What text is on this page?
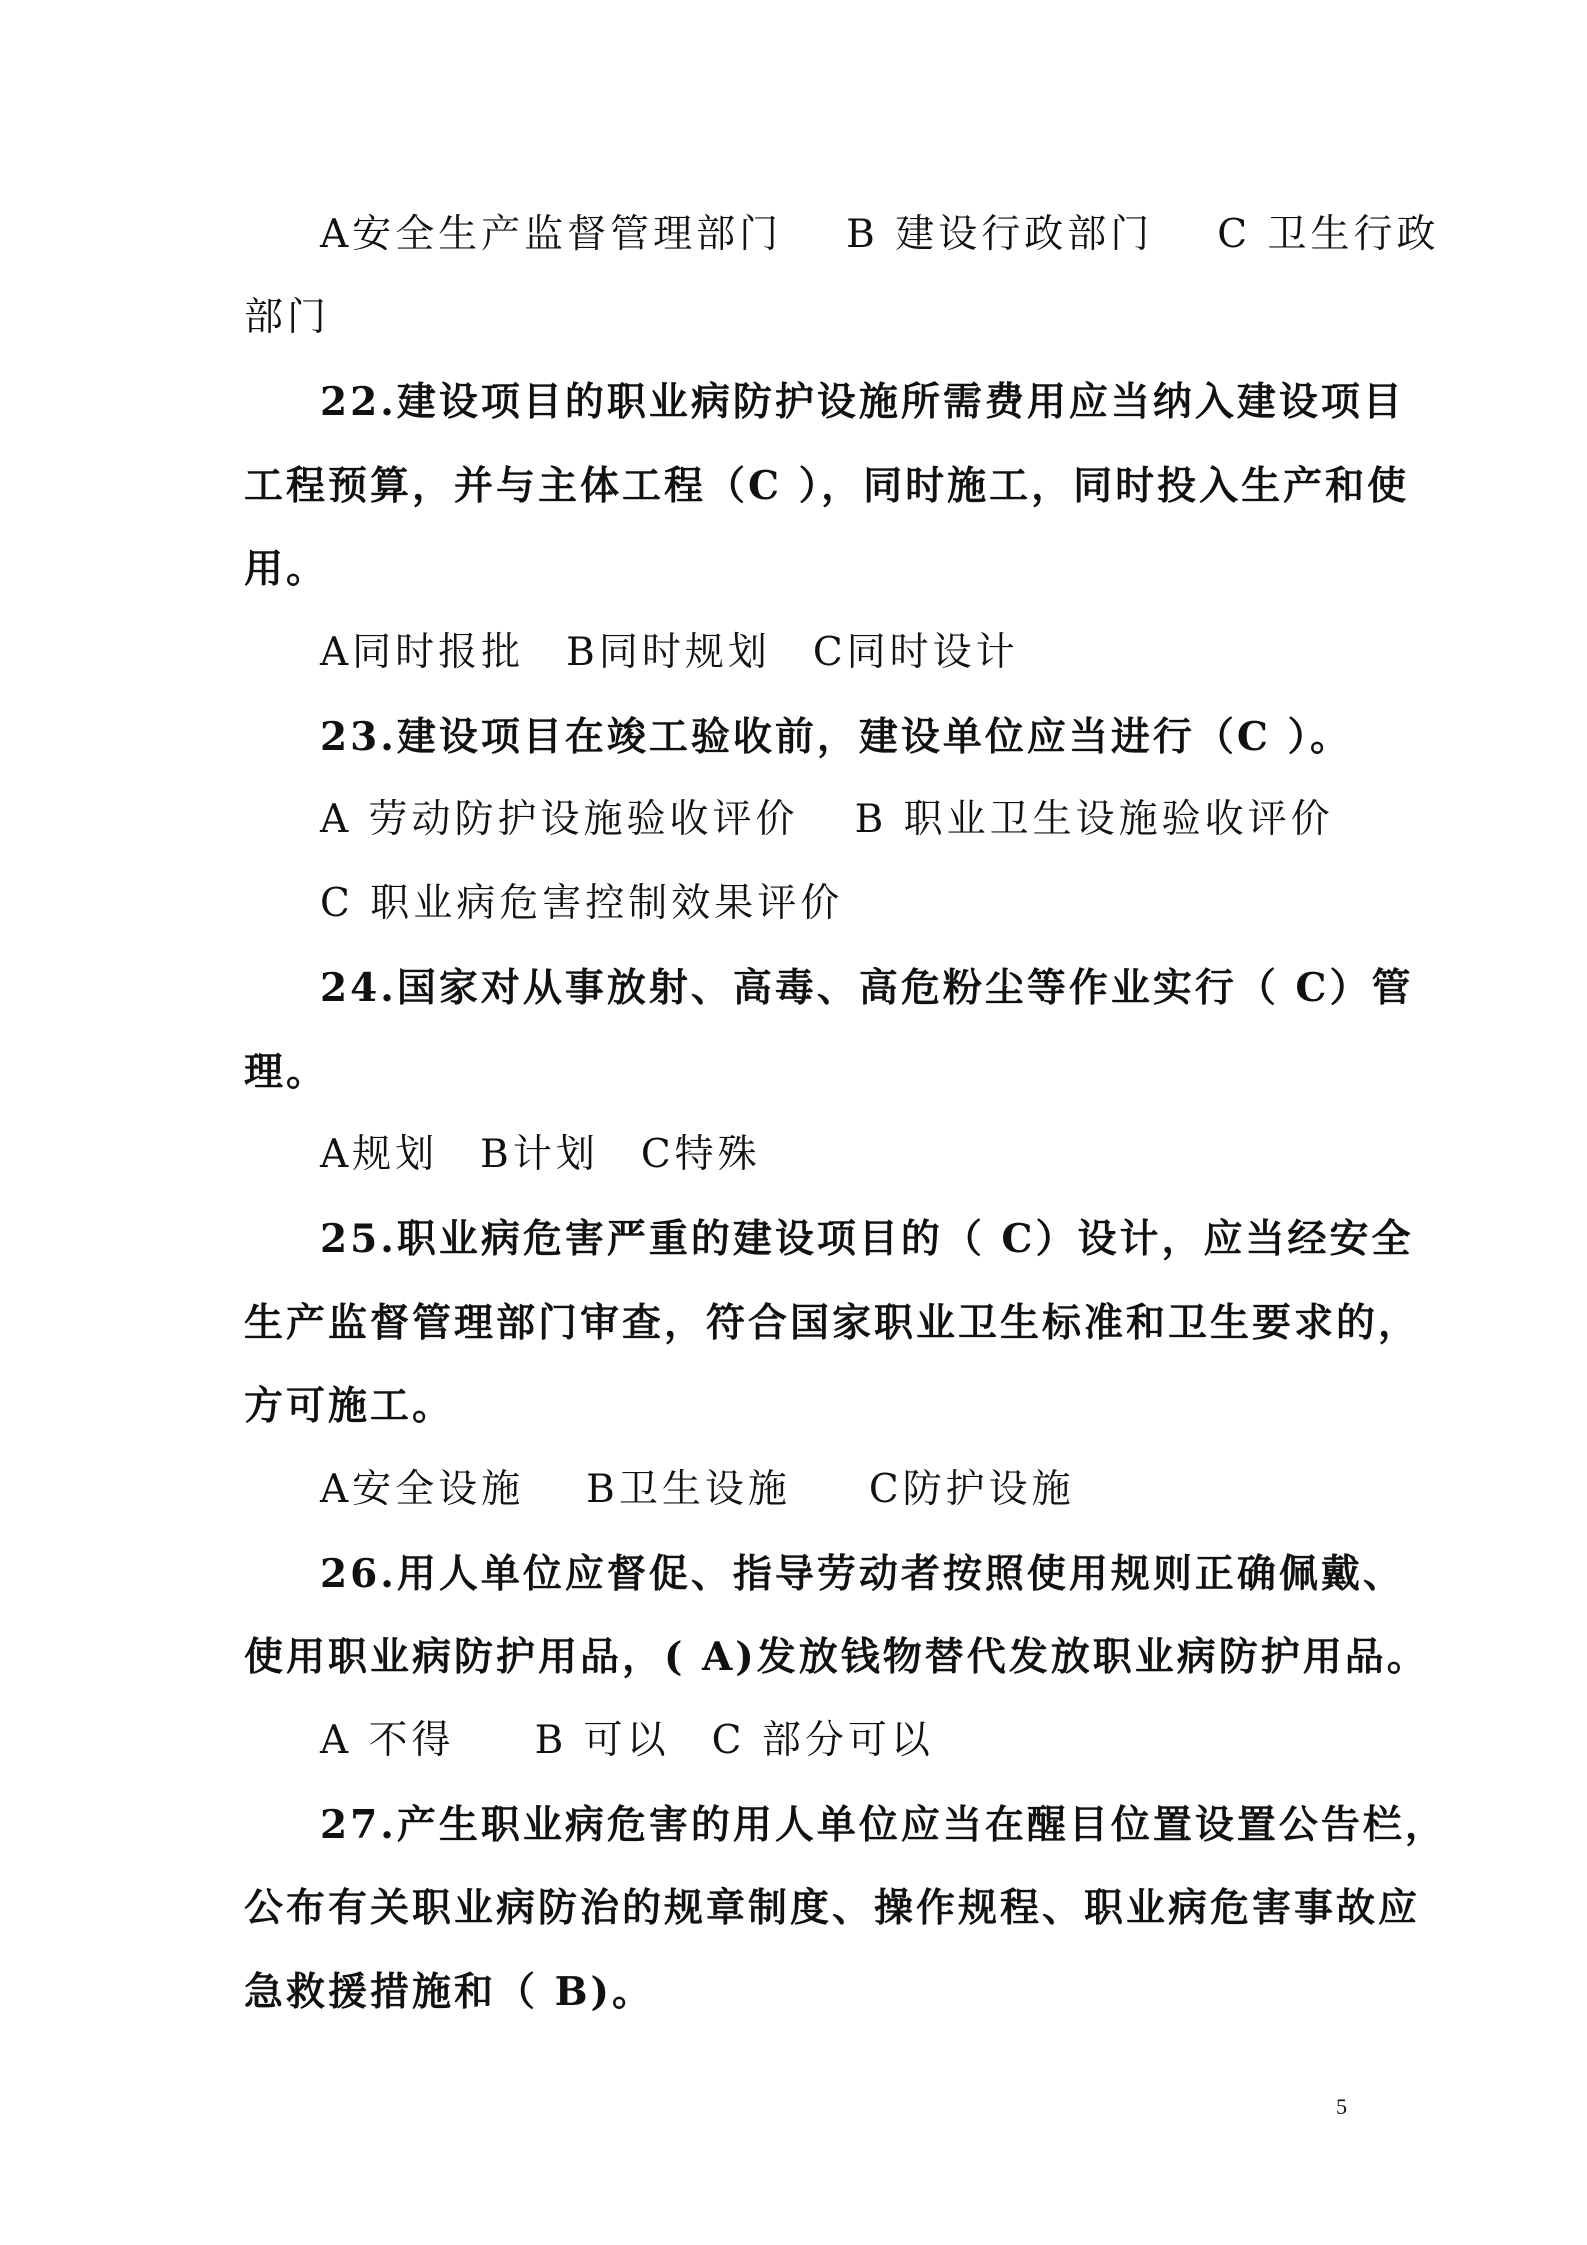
A安全生产监督管理部门 B 建设行政部门 C 卫生行政
部门
22.建设项目的职业病防护设施所需费用应当纳入建设项目
工程预算，并与主体工程（C ），同时施工，同时投入生产和使
用。
A同时报批 B同时规划 C同时设计
23.建设项目在竣工验收前，建设单位应当进行（C ）。
A 劳动防护设施验收评价 B 职业卫生设施验收评价
C 职业病危害控制效果评价
24.国家对从事放射、高毒、高危粉尘等作业实行（ C）管
理。
A规划 B计划 C特殊
25.职业病危害严重的建设项目的（ C）设计，应当经安全
生产监督管理部门审查，符合国家职业卫生标准和卫生要求的，
方可施工。
A安全设施 B卫生设施 C防护设施
26.用人单位应督促、指导劳动者按照使用规则正确佩戴、
使用职业病防护用品，( A)发放钱物替代发放职业病防护用品。
A 不得 B 可以 C 部分可以
27.产生职业病危害的用人单位应当在醒目位置设置公告栏，
公布有关职业病防治的规章制度、操作规程、职业病危害事故应
急救援措施和（ B)。
5
